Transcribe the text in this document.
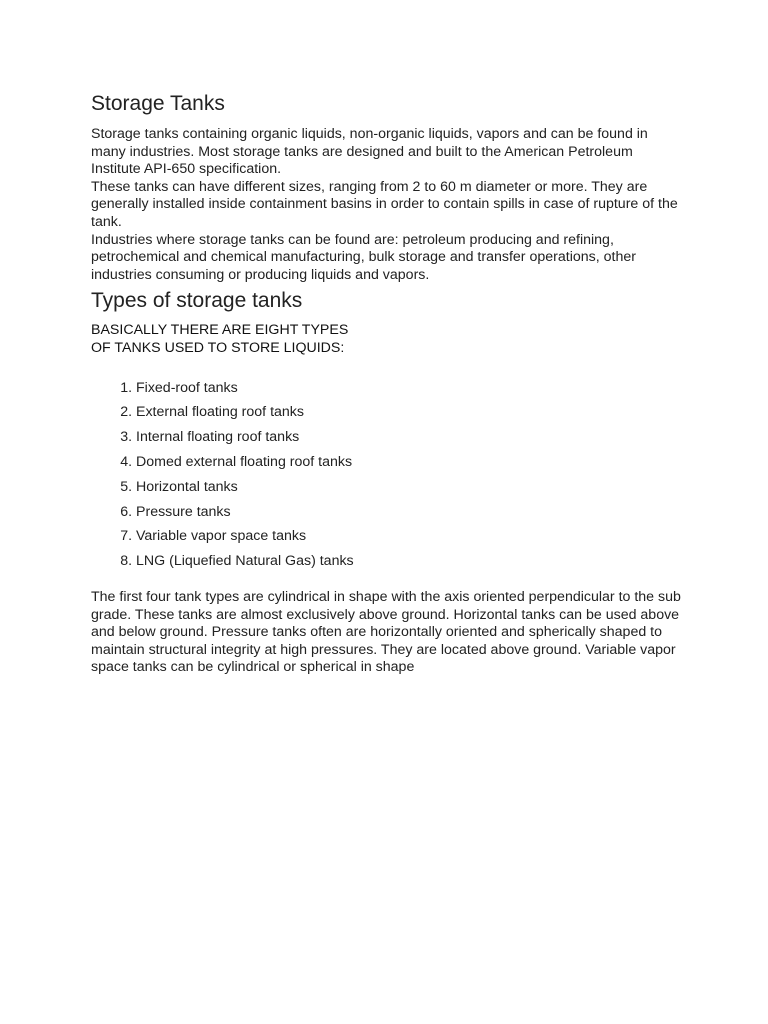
Storage Tanks

Storage tanks containing organic liquids, non-organic liquids, vapors and can be found in many industries. Most storage tanks are designed and built to the American Petroleum Institute API-650 specification.

These tanks can have different sizes, ranging from 2 to 60 m diameter or more. They are generally installed inside containment basins in order to contain spills in case of rupture of the tank.

Industries where storage tanks can be found are: petroleum producing and refining, petrochemical and chemical manufacturing, bulk storage and transfer operations, other industries consuming or producing liquids and vapors.

Types of storage tanks
BASICALLY THERE ARE EIGHT TYPES
OF TANKS USED TO STORE LIQUIDS:
1. Fixed-roof tanks
2. External floating roof tanks
3. Internal floating roof tanks
4. Domed external floating roof tanks
5. Horizontal tanks
6. Pressure tanks
7. Variable vapor space tanks
8. LNG (Liquefied Natural Gas) tanks

The first four tank types are cylindrical in shape with the axis oriented perpendicular to the sub grade. These tanks are almost exclusively above ground. Horizontal tanks can be used above and below ground. Pressure tanks often are horizontally oriented and spherically shaped to maintain structural integrity at high pressures. They are located above ground. Variable vapor space tanks can be cylindrical or spherical in shape
